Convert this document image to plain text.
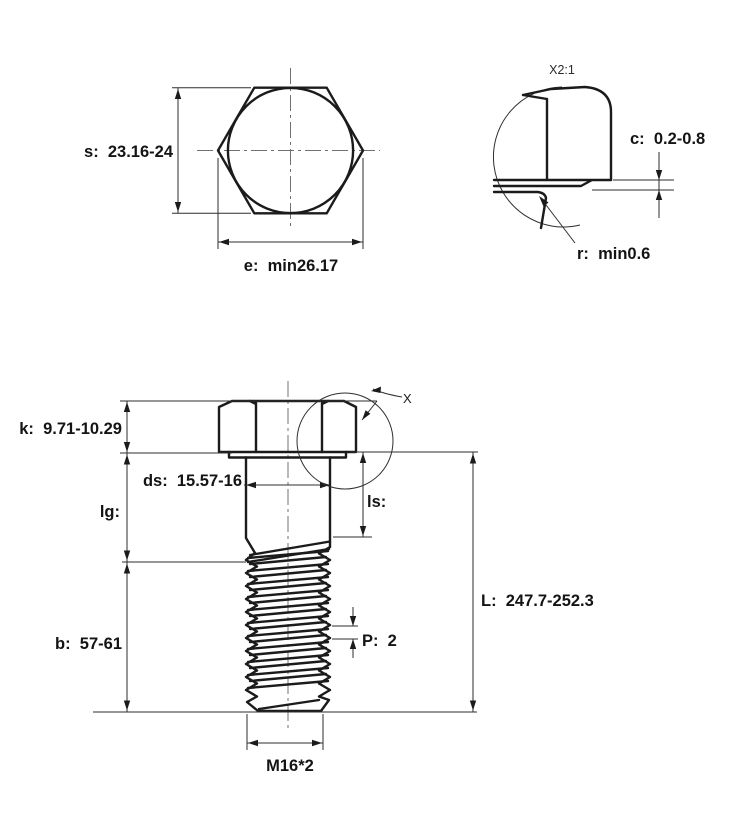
s:  23.16-24
e:  min26.17
X2:1
c:  0.2-0.8
r:  min0.6
k:  9.71-10.29
lg:
b:  57-61
ds:  15.57-16
ls:
L:  247.7-252.3
P:  2
M16*2
X
